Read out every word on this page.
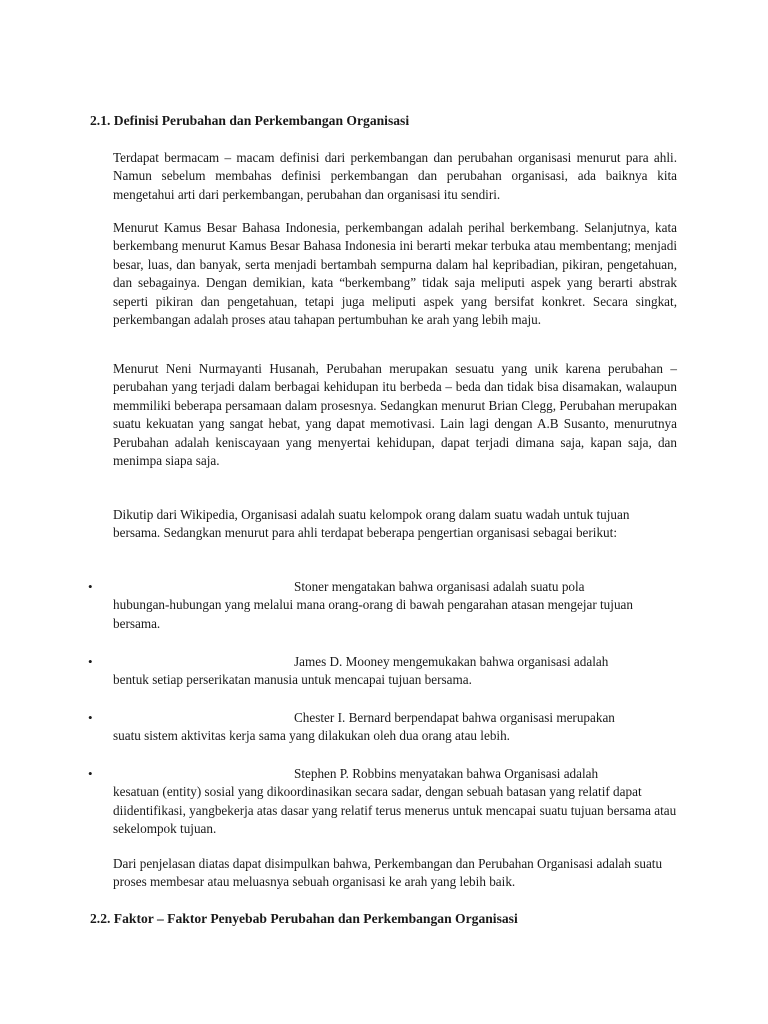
2.1. Definisi Perubahan dan Perkembangan Organisasi
Terdapat bermacam – macam definisi dari perkembangan dan perubahan organisasi menurut para ahli. Namun sebelum membahas definisi perkembangan dan perubahan organisasi, ada baiknya kita mengetahui arti dari perkembangan, perubahan dan organisasi itu sendiri.
Menurut Kamus Besar Bahasa Indonesia, perkembangan adalah perihal berkembang. Selanjutnya, kata berkembang menurut Kamus Besar Bahasa Indonesia ini berarti mekar terbuka atau membentang; menjadi besar, luas, dan banyak, serta menjadi bertambah sempurna dalam hal kepribadian, pikiran, pengetahuan, dan sebagainya. Dengan demikian, kata “berkembang” tidak saja meliputi aspek yang berarti abstrak seperti pikiran dan pengetahuan, tetapi juga meliputi aspek yang bersifat konkret. Secara singkat, perkembangan adalah proses atau tahapan pertumbuhan ke arah yang lebih maju.
Menurut Neni Nurmayanti Husanah, Perubahan merupakan sesuatu yang unik karena perubahan – perubahan yang terjadi dalam berbagai kehidupan itu berbeda – beda dan tidak bisa disamakan, walaupun memmiliki beberapa persamaan dalam prosesnya. Sedangkan menurut Brian Clegg, Perubahan merupakan suatu kekuatan yang sangat hebat, yang dapat memotivasi. Lain lagi dengan A.B Susanto, menurutnya Perubahan adalah keniscayaan yang menyertai kehidupan, dapat terjadi dimana saja, kapan saja, dan menimpa siapa saja.
Dikutip dari Wikipedia, Organisasi adalah suatu kelompok orang dalam suatu wadah untuk tujuan bersama. Sedangkan menurut para ahli terdapat beberapa pengertian organisasi sebagai berikut:
•	Stoner mengatakan bahwa organisasi adalah suatu pola
hubungan-hubungan yang melalui mana orang-orang di bawah pengarahan atasan mengejar tujuan bersama.
•	James D. Mooney mengemukakan bahwa organisasi adalah
bentuk setiap perserikatan manusia untuk mencapai tujuan bersama.
•	Chester I. Bernard berpendapat bahwa organisasi merupakan
suatu sistem aktivitas kerja sama yang dilakukan oleh dua orang atau lebih.
•	Stephen P. Robbins menyatakan bahwa Organisasi adalah
kesatuan (entity) sosial yang dikoordinasikan secara sadar, dengan sebuah batasan yang relatif dapat diidentifikasi, yangbekerja atas dasar yang relatif terus menerus untuk mencapai suatu tujuan bersama atau sekelompok tujuan.
Dari penjelasan diatas dapat disimpulkan bahwa, Perkembangan dan Perubahan Organisasi adalah suatu proses membesar atau meluasnya sebuah organisasi ke arah yang lebih baik.
2.2. Faktor – Faktor Penyebab Perubahan dan Perkembangan Organisasi
